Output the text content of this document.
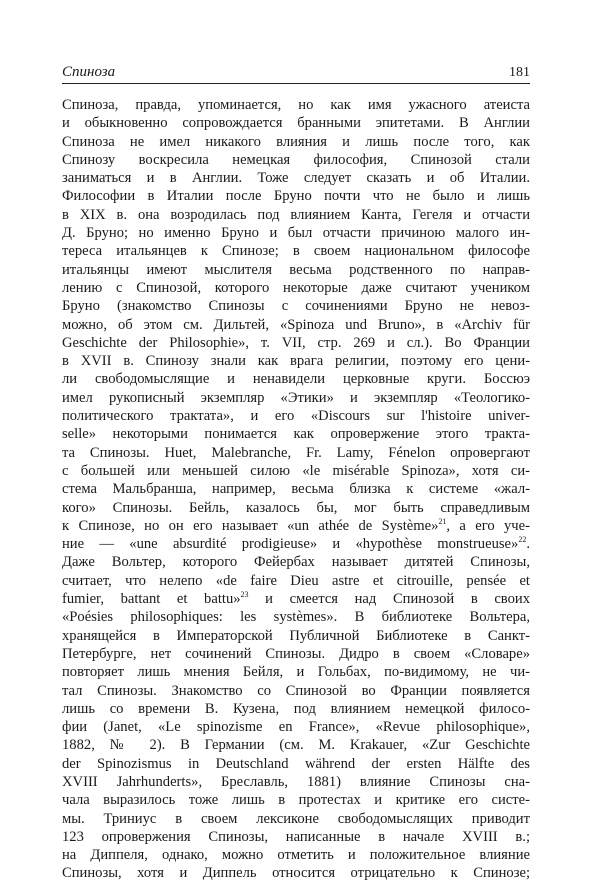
Спиноза	181
Спиноза, правда, упоминается, но как имя ужасного атеиста
и обыкновенно сопровождается бранными эпитетами. В Англии
Спиноза не имел никакого влияния и лишь после того, как
Спинозу воскресила немецкая философия, Спинозой стали
заниматься и в Англии. Тоже следует сказать и об Италии.
Философии в Италии после Бруно почти что не было и лишь
в XIX в. она возродилась под влиянием Канта, Гегеля и отчасти
Д. Бруно; но именно Бруно и был отчасти причиною малого ин-
тереса итальянцев к Спинозе; в своем национальном философе
итальянцы имеют мыслителя весьма родственного по направ-
лению с Спинозой, которого некоторые даже считают учеником
Бруно (знакомство Спинозы с сочинениями Бруно не невоз-
можно, об этом см. Дильтей, «Spinoza und Bruno», в «Archiv für
Geschichte der Philosophie», т. VII, стр. 269 и сл.). Во Франции
в XVII в. Спинозу знали как врага религии, поэтому его цени-
ли свободомыслящие и ненавидели церковные круги. Боссюэ
имел рукописный экземпляр «Этики» и экземпляр «Теологико-
политического трактата», и его «Discours sur l'histoire univer-
selle» некоторыми понимается как опровержение этого тракта-
та Спинозы. Huet, Malebranche, Fr. Lamy, Fénelon опровергают
с большей или меньшей силою «le misérable Spinoza», хотя си-
стема Мальбранша, например, весьма близка к системе «жал-
кого» Спинозы. Бейль, казалось бы, мог быть справедливым
к Спинозе, но он его называет «un athée de Système»$^{21}$, а его уче-
ние — «une absurdité prodigieuse» и «hypothèse monstrueuse»$^{22}$.
Даже Вольтер, которого Фейербах называет дитятей Спинозы,
считает, что нелепо «de faire Dieu astre et citrouille, pensée et
fumier, battant et battu»$^{23}$ и смеется над Спинозой в своих
«Poésies philosophiques: les systèmes». В библиотеке Вольтера,
хранящейся в Императорской Публичной Библиотеке в Санкт-
Петербурге, нет сочинений Спинозы. Дидро в своем «Словаре»
повторяет лишь мнения Бейля, и Гольбах, по-видимому, не чи-
тал Спинозы. Знакомство со Спинозой во Франции появляется
лишь со времени В. Кузена, под влиянием немецкой филосо-
фии (Janet, «Le spinozisme en France», «Revue philosophique»,
1882, № 2). В Германии (см. M. Krakauer, «Zur Geschichte
der Spinozismus in Deutschland während der ersten Hälfte des
XVIII Jahrhunderts», Бреславль, 1881) влияние Спинозы сна-
чала выразилось тоже лишь в протестах и критике его систе-
мы. Триниус в своем лексиконе свободомыслящих приводит
123 опровержения Спинозы, написанные в начале XVIII в.;
на Диппеля, однако, можно отметить и положительное влияние
Спинозы, хотя и Диппель относится отрицательно к Спинозе;
